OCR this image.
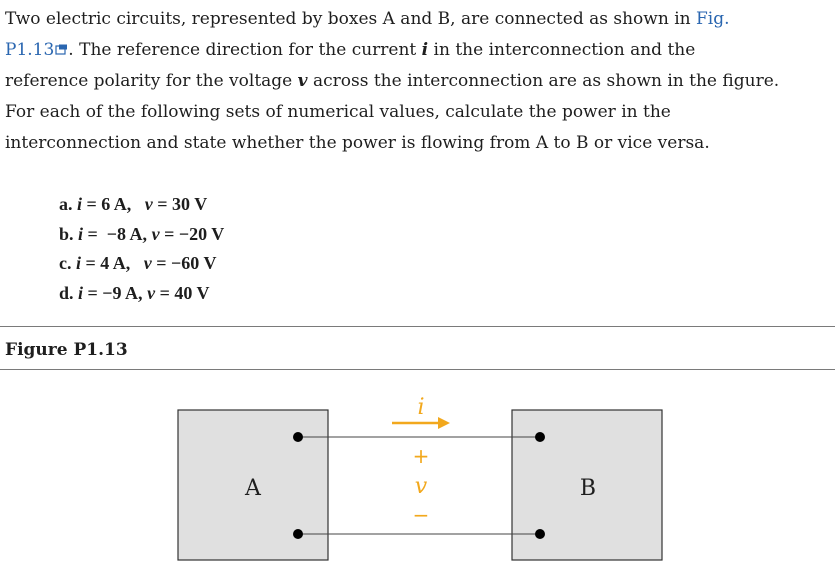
Two electric circuits, represented by boxes A and B, are connected as shown in Fig.
P1.13 . The reference direction for the current i in the interconnection and the
reference polarity for the voltage v across the interconnection are as shown in the figure.
For each of the following sets of numerical values, calculate the power in the
interconnection and state whether the power is flowing from A to B or vice versa.

a. i = 6 A,   v = 30 V
b. i =  −8 A, v = −20 V
c. i = 4 A,   v = −60 V
d. i = −9 A, v = 40 V

Figure P1.13

i
+
v
−
A	B
